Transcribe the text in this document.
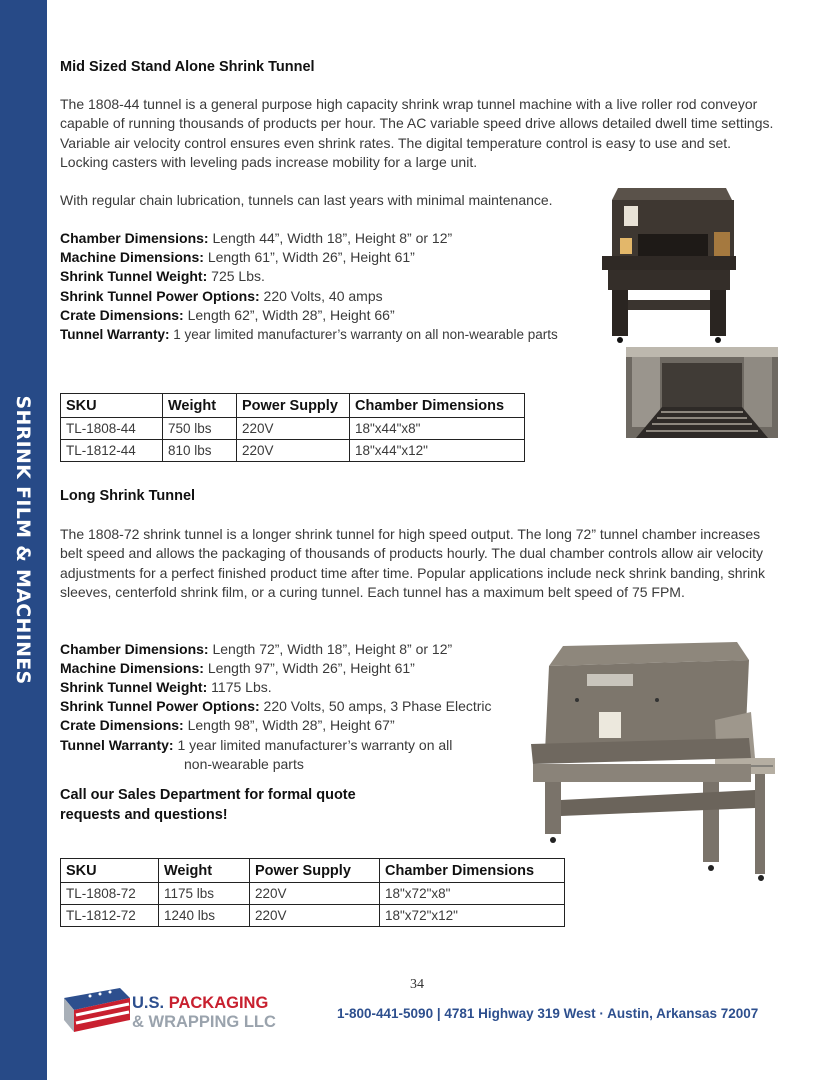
SHRINK FILM & MACHINES
Mid Sized Stand Alone Shrink Tunnel
The 1808-44 tunnel is a general purpose high capacity shrink wrap tunnel machine with a live roller rod conveyor capable of running thousands of products per hour. The AC variable speed drive allows detailed dwell time settings. Variable air velocity control ensures even shrink rates. The digital temperature control is easy to use and set. Locking casters with leveling pads increase mobility for a large unit.
With regular chain lubrication, tunnels can last years with minimal maintenance.
Chamber Dimensions: Length 44”, Width 18”, Height 8” or 12”
Machine Dimensions: Length 61”, Width 26”, Height 61”
Shrink Tunnel Weight: 725 Lbs.
Shrink Tunnel Power Options: 220 Volts, 40 amps
Crate Dimensions: Length 62”, Width 28”, Height 66”
Tunnel Warranty: 1 year limited manufacturer’s warranty on all non-wearable parts
SKU	Weight	Power Supply	Chamber Dimensions
TL-1808-44	750 lbs	220V	18"x44"x8"
TL-1812-44	810 lbs	220V	18"x44"x12"
Long Shrink Tunnel
The 1808-72 shrink tunnel is a longer shrink tunnel for high speed output. The long 72” tunnel chamber increases belt speed and allows the packaging of thousands of products hourly. The dual chamber controls allow air velocity adjustments for a perfect finished product time after time. Popular applications include neck shrink banding, shrink sleeves, centerfold shrink film, or a curing tunnel. Each tunnel has a maximum belt speed of 75 FPM.
Chamber Dimensions: Length 72”, Width 18”, Height 8” or 12”
Machine Dimensions: Length 97”, Width 26”, Height 61”
Shrink Tunnel Weight: 1175 Lbs.
Shrink Tunnel Power Options: 220 Volts, 50 amps, 3 Phase Electric
Crate Dimensions: Length 98”, Width 28”, Height 67”
Tunnel Warranty: 1 year limited manufacturer’s warranty on all
non-wearable parts
Call our Sales Department for formal quote
requests and questions!
SKU	Weight	Power Supply	Chamber Dimensions
TL-1808-72	1175 lbs	220V	18"x72"x8"
TL-1812-72	1240 lbs	220V	18"x72"x12"
34
U.S. PACKAGING
& WRAPPING LLC	1-800-441-5090 | 4781 Highway 319 West · Austin, Arkansas 72007
